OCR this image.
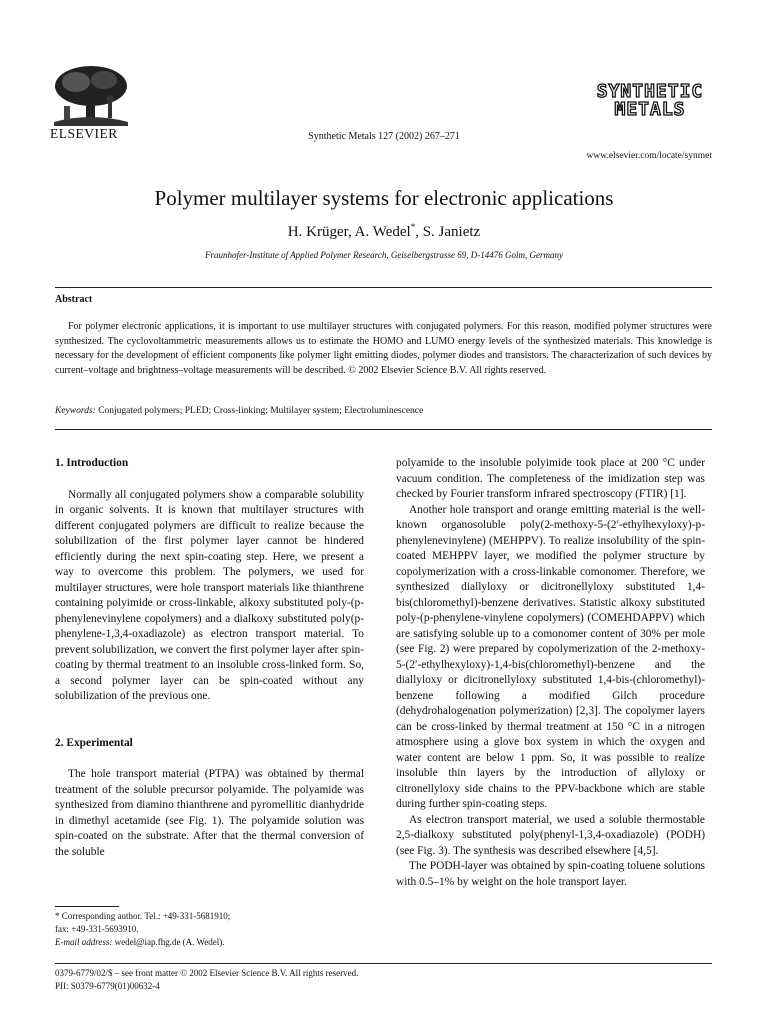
ELSEVIER	Synthetic Metals 127 (2002) 267–271
SYNTHETIC
METALS
www.elsevier.com/locate/synmet
Polymer multilayer systems for electronic applications
H. Krüger, A. Wedel*, S. Janietz
Fraunhofer-Institute of Applied Polymer Research, Geiselbergstrasse 69, D-14476 Golm, Germany
Abstract

For polymer electronic applications, it is important to use multilayer structures with conjugated polymers. For this reason, modified polymer structures were synthesized. The cyclovoltammetric measurements allows us to estimate the HOMO and LUMO energy levels of the synthesized materials. This knowledge is necessary for the development of efficient components like polymer light emitting diodes, polymer diodes and transistors. The characterization of such devices by current–voltage and brightness–voltage measurements will be described. © 2002 Elsevier Science B.V. All rights reserved.

Keywords: Conjugated polymers; PLED; Cross-linking; Multilayer system; Electroluminescence
1. Introduction

Normally all conjugated polymers show a comparable solubility in organic solvents. It is known that multilayer structures with different conjugated polymers are difficult to realize because the solubilization of the first polymer layer cannot be hindered efficiently during the next spin-coating step. Here, we present a way to overcome this problem. The polymers, we used for multilayer structures, were hole transport materials like thianthrene containing polyimide or cross-linkable, alkoxy substituted poly-(p-phenylenevinylene copolymers) and a dialkoxy substituted poly(p-phenylene-1,3,4-oxadiazole) as electron transport material. To prevent solubilization, we convert the first polymer layer after spin-coating by thermal treatment to an insoluble cross-linked form. So, a second polymer layer can be spin-coated without any solubilization of the previous one.

2. Experimental

The hole transport material (PTPA) was obtained by thermal treatment of the soluble precursor polyamide. The polyamide was synthesized from diamino thianthrene and pyromellitic dianhydride in dimethyl acetamide (see Fig. 1). The polyamide solution was spin-coated on the substrate. After that the thermal conversion of the soluble

polyamide to the insoluble polyimide took place at 200 °C under vacuum condition. The completeness of the imidization step was checked by Fourier transform infrared spectroscopy (FTIR) [1].

Another hole transport and orange emitting material is the well-known organosoluble poly(2-methoxy-5-(2′-ethylhexyloxy)-p-phenylenevinylene) (MEHPPV). To realize insolubility of the spin-coated MEHPPV layer, we modified the polymer structure by copolymerization with a cross-linkable comonomer. Therefore, we synthesized diallyloxy or dicitronellyloxy substituted 1,4-bis(chloromethyl)-benzene derivatives. Statistic alkoxy substituted poly-(p-phenylene-vinylene copolymers) (COMEHDAPPV) which are satisfying soluble up to a comonomer content of 30% per mole (see Fig. 2) were prepared by copolymerization of the 2-methoxy-5-(2′-ethylhexyloxy)-1,4-bis(chloromethyl)-benzene and the diallyloxy or dicitronellyloxy substituted 1,4-bis-(chloromethyl)-benzene following a modified Gilch procedure (dehydrohalogenation polymerization) [2,3]. The copolymer layers can be cross-linked by thermal treatment at 150 °C in a nitrogen atmosphere using a glove box system in which the oxygen and water content are below 1 ppm. So, it was possible to realize insoluble thin layers by the introduction of allyloxy or citronellyloxy side chains to the PPV-backbone which are stable during further spin-coating steps.

As electron transport material, we used a soluble thermostable 2,5-dialkoxy substituted poly(phenyl-1,3,4-oxadiazole) (PODH) (see Fig. 3). The synthesis was described elsewhere [4,5].

The PODH-layer was obtained by spin-coating toluene solutions with 0.5–1% by weight on the hole transport layer.

* Corresponding author. Tel.: +49-331-5681910;
fax: +49-331-5693910.
E-mail address: wedel@iap.fhg.de (A. Wedel).
0379-6779/02/$ – see front matter © 2002 Elsevier Science B.V. All rights reserved.
PII: S0379-6779(01)00632-4
